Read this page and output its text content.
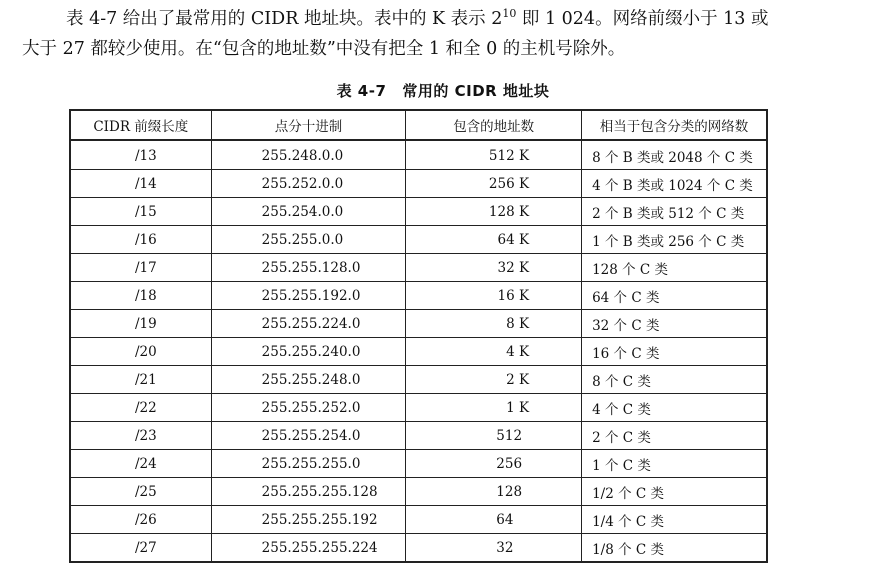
表 4-7 给出了最常用的 CIDR 地址块。表中的 K 表示 $2^{10}$ 即 1 024。网络前缀小于 13 或
大于 27 都较少使用。在“包含的地址数”中没有把全 1 和全 0 的主机号除外。

表 4-7 常用的 CIDR 地址块
CIDR 前缀长度	点分十进制	包含的地址数	相当于包含分类的网络数
/13	255.248.0.0	512 K	8 个 B 类或 2048 个 C 类
/14	255.252.0.0	256 K	4 个 B 类或 1024 个 C 类
/15	255.254.0.0	128 K	2 个 B 类或 512 个 C 类
/16	255.255.0.0	64 K	1 个 B 类或 256 个 C 类
/17	255.255.128.0	32 K	128 个 C 类
/18	255.255.192.0	16 K	64 个 C 类
/19	255.255.224.0	8 K	32 个 C 类
/20	255.255.240.0	4 K	16 个 C 类
/21	255.255.248.0	2 K	8 个 C 类
/22	255.255.252.0	1 K	4 个 C 类
/23	255.255.254.0	512	2 个 C 类
/24	255.255.255.0	256	1 个 C 类
/25	255.255.255.128	128	1/2 个 C 类
/26	255.255.255.192	64	1/4 个 C 类
/27	255.255.255.224	32	1/8 个 C 类
